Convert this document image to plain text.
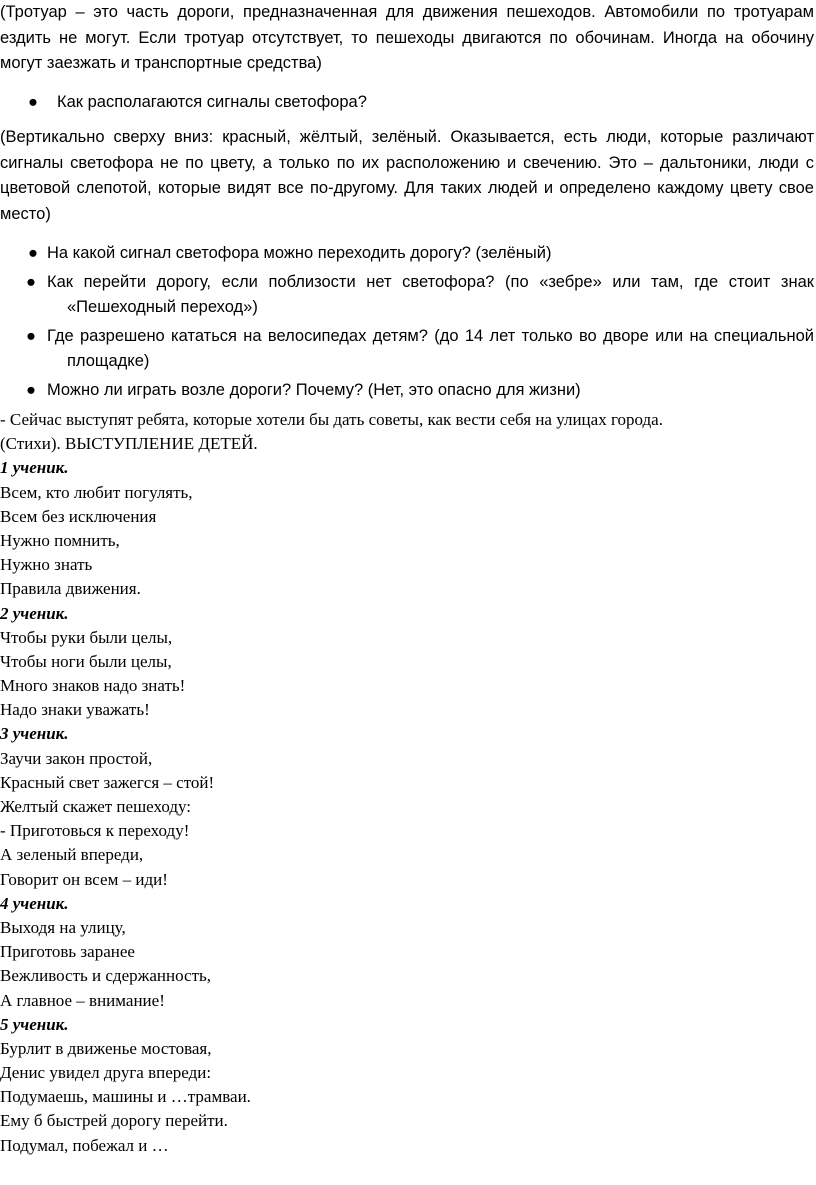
(Тротуар – это часть дороги, предназначенная для движения пешеходов. Автомобили по тротуарам ездить не могут. Если тротуар отсутствует, то пешеходы двигаются по обочинам. Иногда на обочину могут заезжать и транспортные средства)

● Как располагаются сигналы светофора?

(Вертикально сверху вниз: красный, жёлтый, зелёный. Оказывается, есть люди, которые различают сигналы светофора не по цвету, а только по их расположению и свечению. Это – дальтоники, люди с цветовой слепотой, которые видят все по-другому. Для таких людей и определено каждому цвету свое место)

● На какой сигнал светофора можно переходить дорогу? (зелёный)
● Как перейти дорогу, если поблизости нет светофора? (по «зебре» или там, где стоит знак «Пешеходный переход»)
● Где разрешено кататься на велосипедах детям? (до 14 лет только во дворе или на специальной площадке)
● Можно ли играть возле дороги? Почему? (Нет, это опасно для жизни)
- Сейчас выступят ребята, которые хотели бы дать советы, как вести себя на улицах города.
(Стихи). ВЫСТУПЛЕНИЕ ДЕТЕЙ.
1 ученик.
Всем, кто любит погулять,
Всем без исключения
Нужно помнить,
Нужно знать
Правила движения.
2 ученик.
Чтобы руки были целы,
Чтобы ноги были целы,
Много знаков надо знать!
Надо знаки уважать!
3 ученик.
Заучи закон простой,
Красный свет зажегся – стой!
Желтый скажет пешеходу:
- Приготовься к переходу!
А зеленый впереди,
Говорит он всем – иди!
4 ученик.
Выходя на улицу,
Приготовь заранее
Вежливость и сдержанность,
А главное – внимание!
5 ученик.
Бурлит в движенье мостовая,
Денис увидел друга впереди:
Подумаешь, машины и …трамваи.
Ему б быстрей дорогу перейти.
Подумал, побежал и …
